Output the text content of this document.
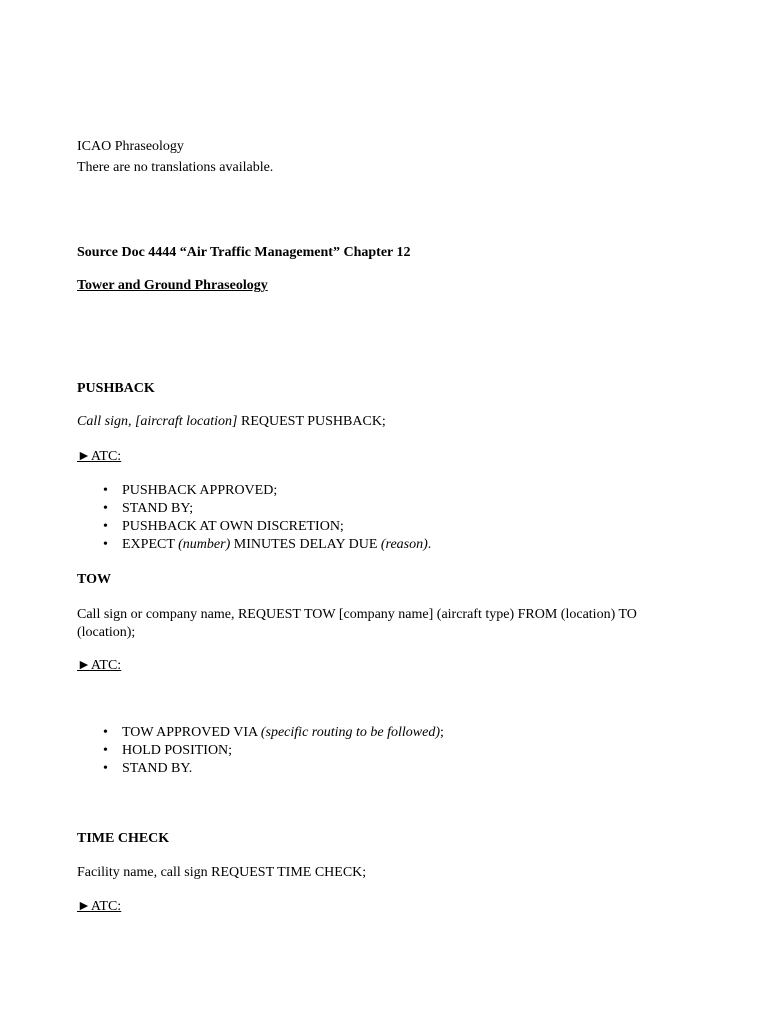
ICAO Phraseology

There are no translations available.

Source Doc 4444 “Air Traffic Management” Chapter 12

Tower and Ground Phraseology

PUSHBACK

Call sign, [aircraft location] REQUEST PUSHBACK;

►ATC:

• PUSHBACK APPROVED;
• STAND BY;
• PUSHBACK AT OWN DISCRETION;
• EXPECT (number) MINUTES DELAY DUE (reason).

TOW

Call sign or company name, REQUEST TOW [company name] (aircraft type) FROM (location) TO (location);

►ATC:

• TOW APPROVED VIA (specific routing to be followed);
• HOLD POSITION;
• STAND BY.

TIME CHECK

Facility name, call sign REQUEST TIME CHECK;

►ATC:
